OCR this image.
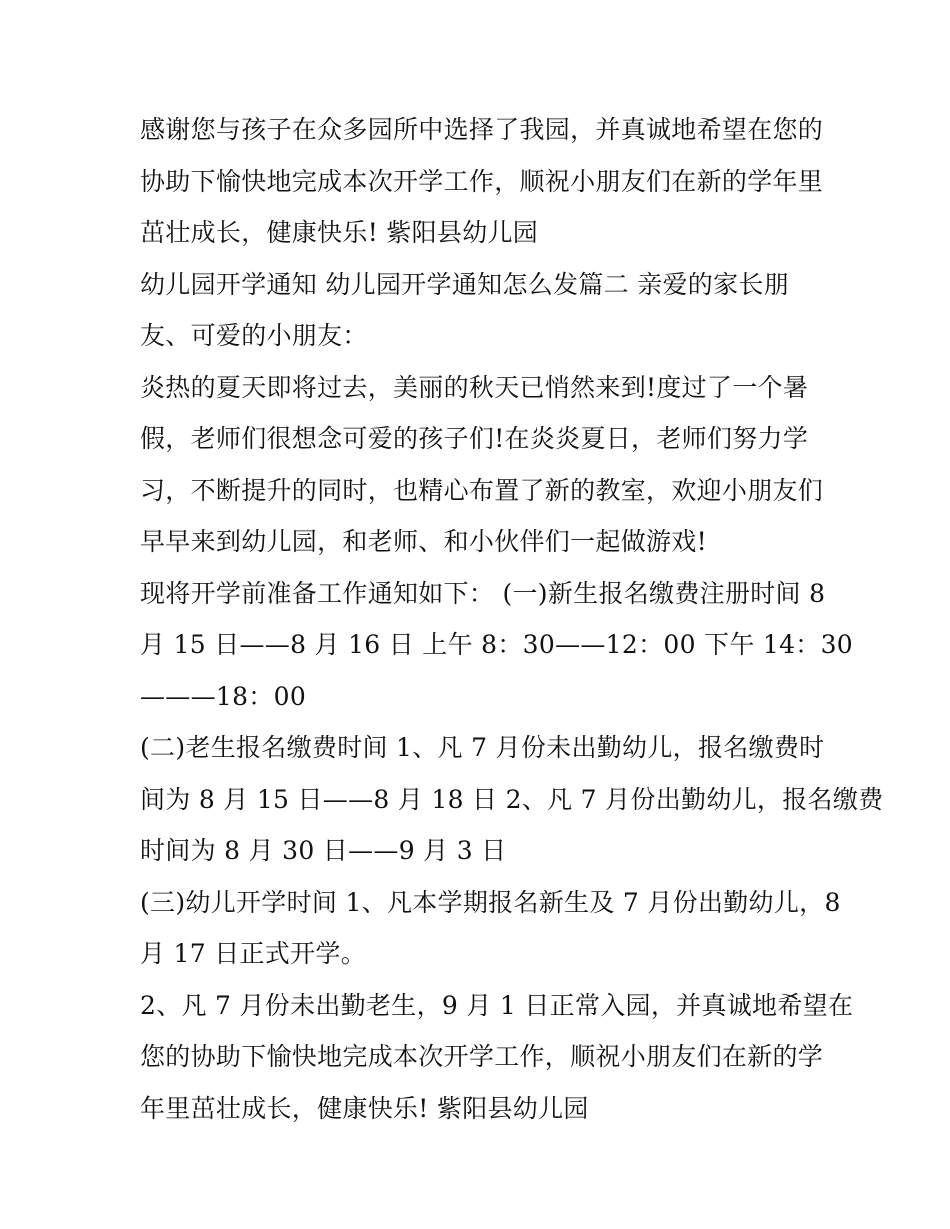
感谢您与孩子在众多园所中选择了我园，并真诚地希望在您的
协助下愉快地完成本次开学工作，顺祝小朋友们在新的学年里
茁壮成长，健康快乐! 紫阳县幼儿园
幼儿园开学通知 幼儿园开学通知怎么发篇二 亲爱的家长朋
友、可爱的小朋友：
炎热的夏天即将过去，美丽的秋天已悄然来到!度过了一个暑
假，老师们很想念可爱的孩子们!在炎炎夏日，老师们努力学
习，不断提升的同时，也精心布置了新的教室，欢迎小朋友们
早早来到幼儿园，和老师、和小伙伴们一起做游戏!
现将开学前准备工作通知如下： (一)新生报名缴费注册时间 8
月 15 日——8 月 16 日 上午 8：30——12：00 下午 14：30
———18：00
(二)老生报名缴费时间 1、凡 7 月份未出勤幼儿，报名缴费时
间为 8 月 15 日——8 月 18 日 2、凡 7 月份出勤幼儿，报名缴费
时间为 8 月 30 日——9 月 3 日
(三)幼儿开学时间 1、凡本学期报名新生及 7 月份出勤幼儿，8
月 17 日正式开学。
2、凡 7 月份未出勤老生，9 月 1 日正常入园，并真诚地希望在
您的协助下愉快地完成本次开学工作，顺祝小朋友们在新的学
年里茁壮成长，健康快乐! 紫阳县幼儿园
